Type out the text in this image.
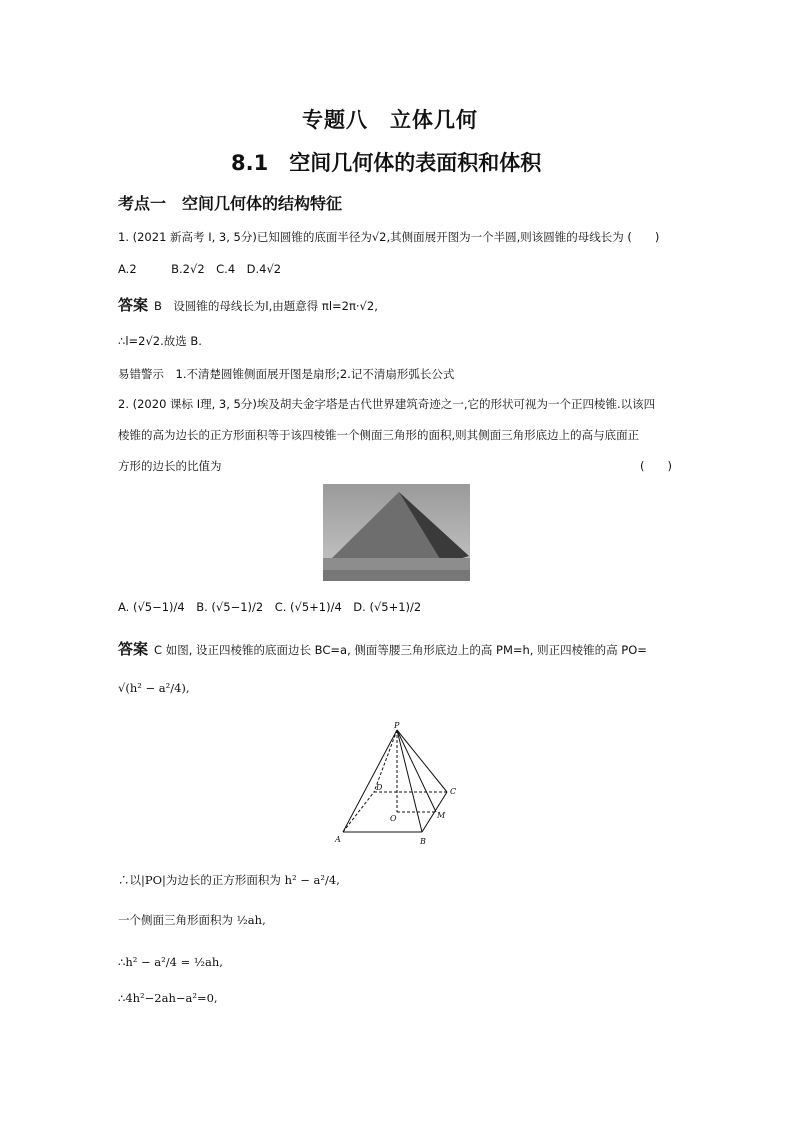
专题八　立体几何
8.1　空间几何体的表面积和体积
考点一　空间几何体的结构特征
1. (2021 新高考 Ⅰ, 3, 5分)已知圆锥的底面半径为√2,其侧面展开图为一个半圆,则该圆锥的母线长为 (　　)
A.2　　　B.2√2　C.4　D.4√2
答案 B　设圆锥的母线长为l,由题意得 πl=2π·√2,
∴l=2√2.故选 B.
易错警示　1.不清楚圆锥侧面展开图是扇形;2.记不清扇形弧长公式
2. (2020 课标 Ⅰ理, 3, 5分)埃及胡夫金字塔是古代世界建筑奇迹之一,它的形状可视为一个正四棱锥.以该四
棱锥的高为边长的正方形面积等于该四棱锥一个侧面三角形的面积,则其侧面三角形底边上的高与底面正
方形的边长的比值为	(　　)
A. (√5−1)/4　B. (√5−1)/2　C. (√5+1)/4　D. (√5+1)/2
答案 C 如图, 设正四棱锥的底面边长 BC=a, 侧面等腰三角形底边上的高 PM=h, 则正四棱锥的高 PO=
√(h² − a²/4),
P
A	B
C
D
O	M
∴以|PO|为边长的正方形面积为 h² − a²/4,
一个侧面三角形面积为 ½ah,
∴h² − a²/4 = ½ah,
∴4h²−2ah−a²=0,
